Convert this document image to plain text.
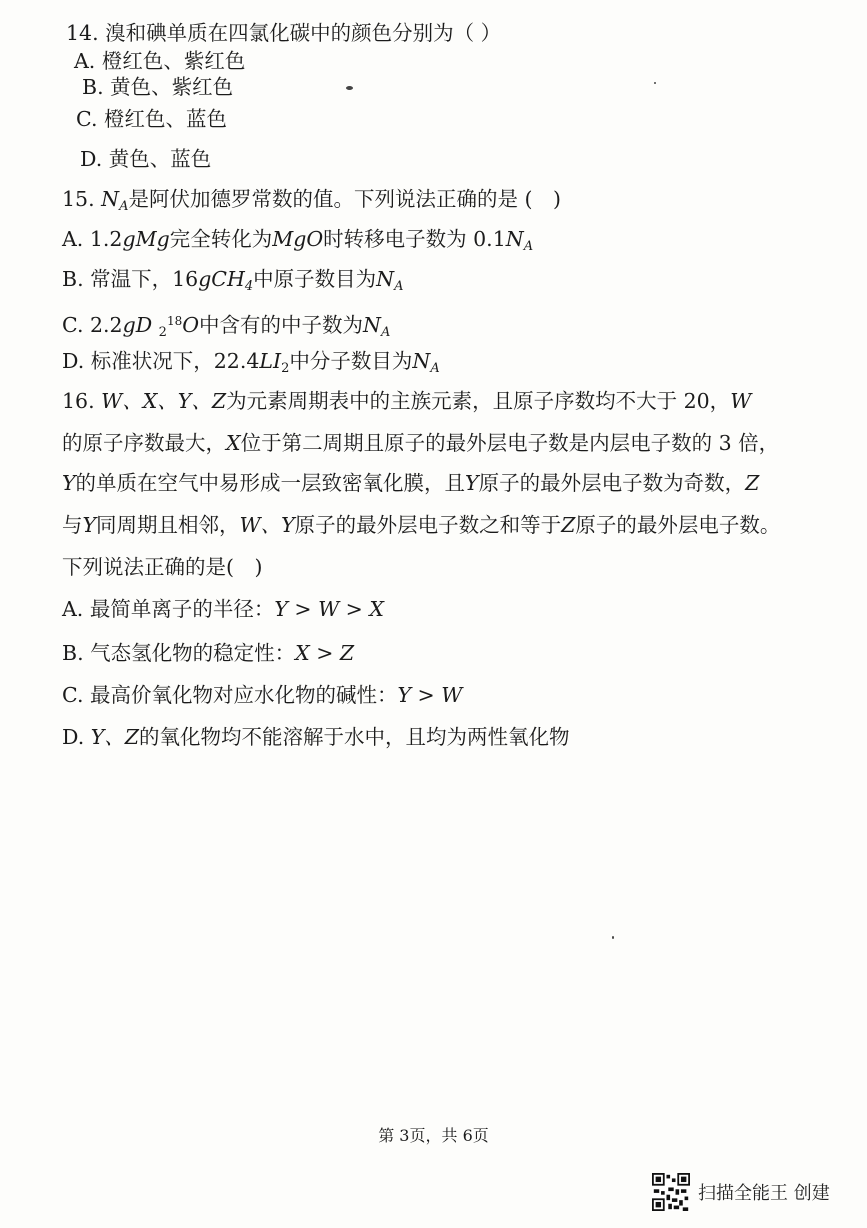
14. 溴和碘单质在四氯化碳中的颜色分别为（ ）
A. 橙红色、紫红色
B. 黄色、紫红色
C. 橙红色、蓝色
D. 黄色、蓝色
15. $N_A$是阿伏加德罗常数的值。下列说法正确的是 (　)
A. 1.2gMg完全转化为MgO时转移电子数为 $0.1N_A$
B. 常温下，16gCH$_4$中原子数目为$N_A$
C. 2.2gD $2^{18}O$中含有的中子数为$N_A$
D. 标准状况下，22.4LI2中分子数目为$N_A$
16. W、X、Y、Z为元素周期表中的主族元素，且原子序数均不大于 20，W
的原子序数最大，X位于第二周期且原子的最外层电子数是内层电子数的 3 倍，
Y的单质在空气中易形成一层致密氧化膜，且Y原子的最外层电子数为奇数，Z
与Y同周期且相邻，W、Y原子的最外层电子数之和等于Z原子的最外层电子数。
下列说法正确的是(　)
A. 最简单离子的半径：Y > W > X
B. 气态氢化物的稳定性：X > Z
C. 最高价氧化物对应水化物的碱性：Y > W
D. Y、Z的氧化物均不能溶解于水中，且均为两性氧化物
第 3页，共 6页
扫描全能王 创建
